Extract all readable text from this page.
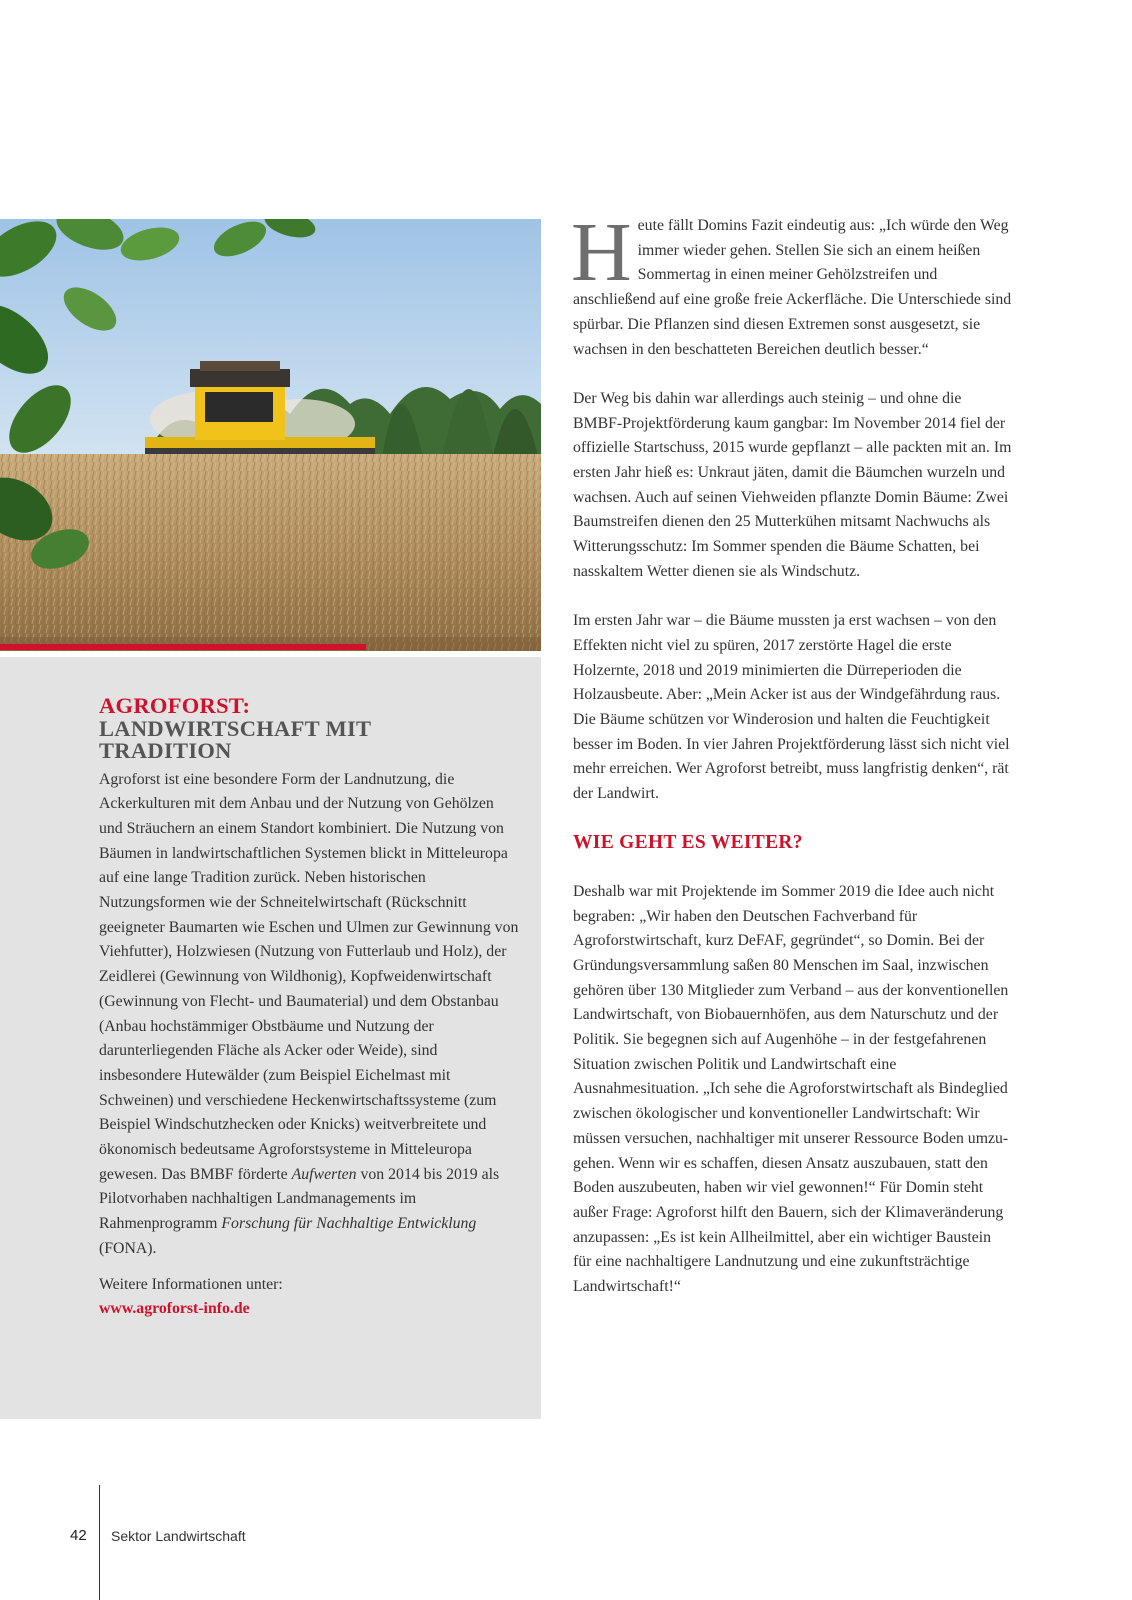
AGROFORST:
LANDWIRTSCHAFT MIT
TRADITION

Agroforst ist eine besondere Form der Landnutzung, die Ackerkulturen mit dem Anbau und der Nutzung von Gehölzen und Sträuchern an einem Standort kombiniert. Die Nutzung von Bäumen in landwirtschaftlichen Systemen blickt in Mitteleuropa auf eine lange Tradition zurück. Neben historischen Nutzungsformen wie der Schneitelwirtschaft (Rückschnitt geeigneter Baumarten wie Eschen und Ulmen zur Gewinnung von Viehfutter), Holzwiesen (Nutzung von Futterlaub und Holz), der Zeidlerei (Gewinnung von Wildhonig), Kopfweidenwirtschaft (Gewinnung von Flecht- und Baumaterial) und dem Obstanbau (Anbau hochstämmiger Obstbäume und Nutzung der darunterliegenden Fläche als Acker oder Weide), sind insbesondere Hutewälder (zum Beispiel Eichelmast mit Schweinen) und verschiedene Heckenwirtschaftssysteme (zum Beispiel Windschutzhecken oder Knicks) weitverbreitete und ökonomisch bedeutsame Agroforstsysteme in Mitteleuropa gewesen. Das BMBF förderte Aufwerten von 2014 bis 2019 als Pilotvorhaben nachhaltigen Landmanagements im Rahmenprogramm Forschung für Nachhaltige Entwicklung (FONA).

Weitere Informationen unter:
www.agroforst-info.de

Heute fällt Domins Fazit eindeutig aus: „Ich würde den Weg immer wieder gehen. Stellen Sie sich an einem heißen Sommertag in einen meiner Gehölzstreifen und anschließend auf eine große freie Ackerfläche. Die Unterschiede sind spürbar. Die Pflanzen sind diesen Extremen sonst ausgesetzt, sie wachsen in den beschatteten Bereichen deutlich besser.“

Der Weg bis dahin war allerdings auch steinig – und ohne die BMBF-Projektförderung kaum gangbar: Im November 2014 fiel der offizielle Startschuss, 2015 wurde gepflanzt – alle packten mit an. Im ersten Jahr hieß es: Unkraut jäten, damit die Bäumchen wurzeln und wachsen. Auch auf seinen Viehweiden pflanzte Domin Bäume: Zwei Baumstreifen dienen den 25 Mutterkühen mitsamt Nachwuchs als Witterungsschutz: Im Sommer spenden die Bäume Schatten, bei nasskaltem Wetter dienen sie als Windschutz.

Im ersten Jahr war – die Bäume mussten ja erst wachsen – von den Effekten nicht viel zu spüren, 2017 zerstörte Hagel die erste Holzernte, 2018 und 2019 minimierten die Dürreperioden die Holzausbeute. Aber: „Mein Acker ist aus der Windgefährdung raus. Die Bäume schützen vor Winderosion und halten die Feuchtigkeit besser im Boden. In vier Jahren Projektförderung lässt sich nicht viel mehr erreichen. Wer Agroforst betreibt, muss langfristig denken“, rät der Landwirt.

WIE GEHT ES WEITER?

Deshalb war mit Projektende im Sommer 2019 die Idee auch nicht begraben: „Wir haben den Deutschen Fachverband für Agroforstwirtschaft, kurz DeFAF, gegründet“, so Domin. Bei der Gründungsversammlung saßen 80 Menschen im Saal, inzwischen gehören über 130 Mitglieder zum Verband – aus der konventionellen Landwirtschaft, von Biobauernhöfen, aus dem Naturschutz und der Politik. Sie begegnen sich auf Augenhöhe – in der festgefahrenen Situation zwischen Politik und Landwirtschaft eine Ausnahmesituation. „Ich sehe die Agroforstwirtschaft als Bindeglied zwischen ökologischer und konventioneller Landwirtschaft: Wir müssen versuchen, nachhaltiger mit unserer Ressource Boden umzugehen. Wenn wir es schaffen, diesen Ansatz auszubauen, statt den Boden auszubeuten, haben wir viel gewonnen!“ Für Domin steht außer Frage: Agroforst hilft den Bauern, sich der Klimaveränderung anzupassen: „Es ist kein Allheilmittel, aber ein wichtiger Baustein für eine nachhaltigere Landnutzung und eine zukunftsträchtige Landwirtschaft!“

42 Sektor Landwirtschaft
